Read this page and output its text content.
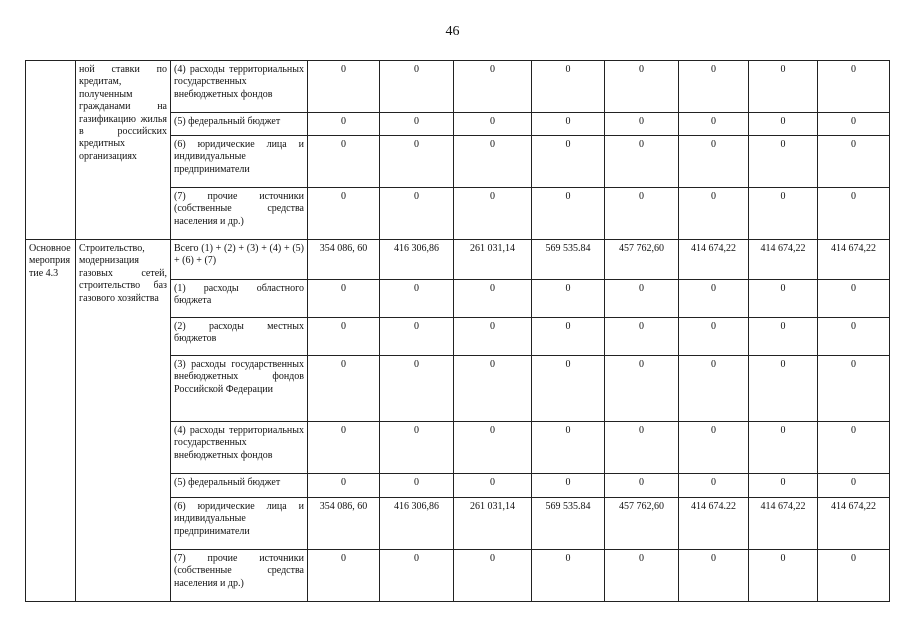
46
	ной ставки по кредитам, полученным гражданами на газификацию жилья в российских кредитных организациях	(4) расходы территориальных государственных внебюджетных фондов	0	0	0	0	0	0	0	0
		(5) федеральный бюджет	0	0	0	0	0	0	0	0
		(6) юридические лица и индивидуальные предприниматели	0	0	0	0	0	0	0	0
		(7) прочие источники (собственные средства населения и др.)	0	0	0	0	0	0	0	0
Основное мероприятие 4.3	Строительство, модернизация газовых сетей, строительство баз газового хозяйства	Всего (1) + (2) + (3) + (4) + (5) + (6) + (7)	354 086, 60	416 306,86	261 031,14	569 535.84	457 762,60	414 674,22	414 674,22	414 674,22
		(1) расходы областного бюджета	0	0	0	0	0	0	0	0
		(2) расходы местных бюджетов	0	0	0	0	0	0	0	0
		(3) расходы государственных внебюджетных фондов Российской Федерации	0	0	0	0	0	0	0	0
		(4) расходы территориальных государственных внебюджетных фондов	0	0	0	0	0	0	0	0
		(5) федеральный бюджет	0	0	0	0	0	0	0	0
		(6) юридические лица и индивидуальные предприниматели	354 086, 60	416 306,86	261 031,14	569 535.84	457 762,60	414 674.22	414 674,22	414 674,22
		(7) прочие источники (собственные средства населения и др.)	0	0	0	0	0	0	0	0
